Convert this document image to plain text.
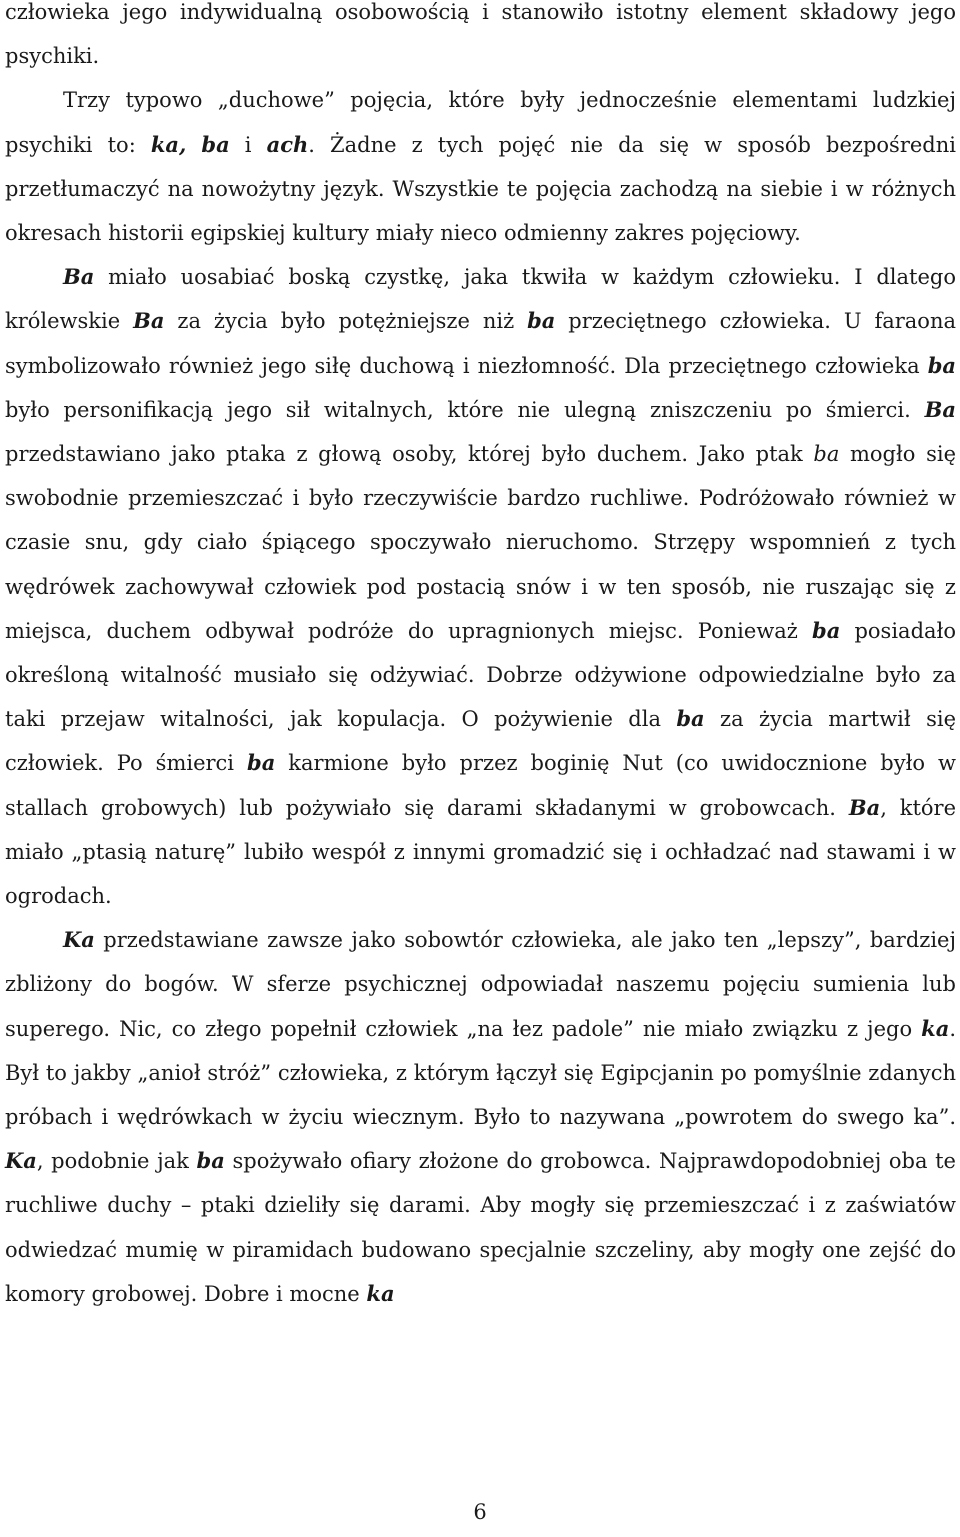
człowieka jego indywidualną osobowością i stanowiło istotny element składowy jego psychiki.

Trzy typowo „duchowe” pojęcia, które były jednocześnie elementami ludzkiej psychiki to: ka, ba i ach. Żadne z tych pojęć nie da się w sposób bezpośredni przetłumaczyć na nowożytny język. Wszystkie te pojęcia zachodzą na siebie i w różnych okresach historii egipskiej kultury miały nieco odmienny zakres pojęciowy.

Ba miało uosabiać boską czystkę, jaka tkwiła w każdym człowieku. I dlatego królewskie Ba za życia było potężniejsze niż ba przeciętnego człowieka. U faraona symbolizowało również jego siłę duchową i niezłomność. Dla przeciętnego człowieka ba było personifikacją jego sił witalnych, które nie ulegną zniszczeniu po śmierci. Ba przedstawiano jako ptaka z głową osoby, której było duchem. Jako ptak ba mogło się swobodnie przemieszczać i było rzeczywiście bardzo ruchliwe. Podróżowało również w czasie snu, gdy ciało śpiącego spoczywało nieruchomo. Strzępy wspomnień z tych wędrówek zachowywał człowiek pod postacią snów i w ten sposób, nie ruszając się z miejsca, duchem odbywał podróże do upragnionych miejsc. Ponieważ ba posiadało określoną witalność musiało się odżywiać. Dobrze odżywione odpowiedzialne było za taki przejaw witalności, jak kopulacja. O pożywienie dla ba za życia martwił się człowiek. Po śmierci ba karmione było przez boginię Nut (co uwidocznione było w stallach grobowych) lub pożywiało się darami składanymi w grobowcach. Ba, które miało „ptasią naturę” lubiło wespół z innymi gromadzić się i ochładzać nad stawami i w ogrodach.

Ka przedstawiane zawsze jako sobowtór człowieka, ale jako ten „lepszy”, bardziej zbliżony do bogów. W sferze psychicznej odpowiadał naszemu pojęciu sumienia lub superego. Nic, co złego popełnił człowiek „na łez padole” nie miało związku z jego ka. Był to jakby „anioł stróż” człowieka, z którym łączył się Egipcjanin po pomyślnie zdanych próbach i wędrówkach w życiu wiecznym. Było to nazywana „powrotem do swego ka”. Ka, podobnie jak ba spożywało ofiary złożone do grobowca. Najprawdopodobniej oba te ruchliwe duchy – ptaki dzieliły się darami. Aby mogły się przemieszczać i z zaświatów odwiedzać mumię w piramidach budowano specjalnie szczeliny, aby mogły one zejść do komory grobowej. Dobre i mocne ka

6
